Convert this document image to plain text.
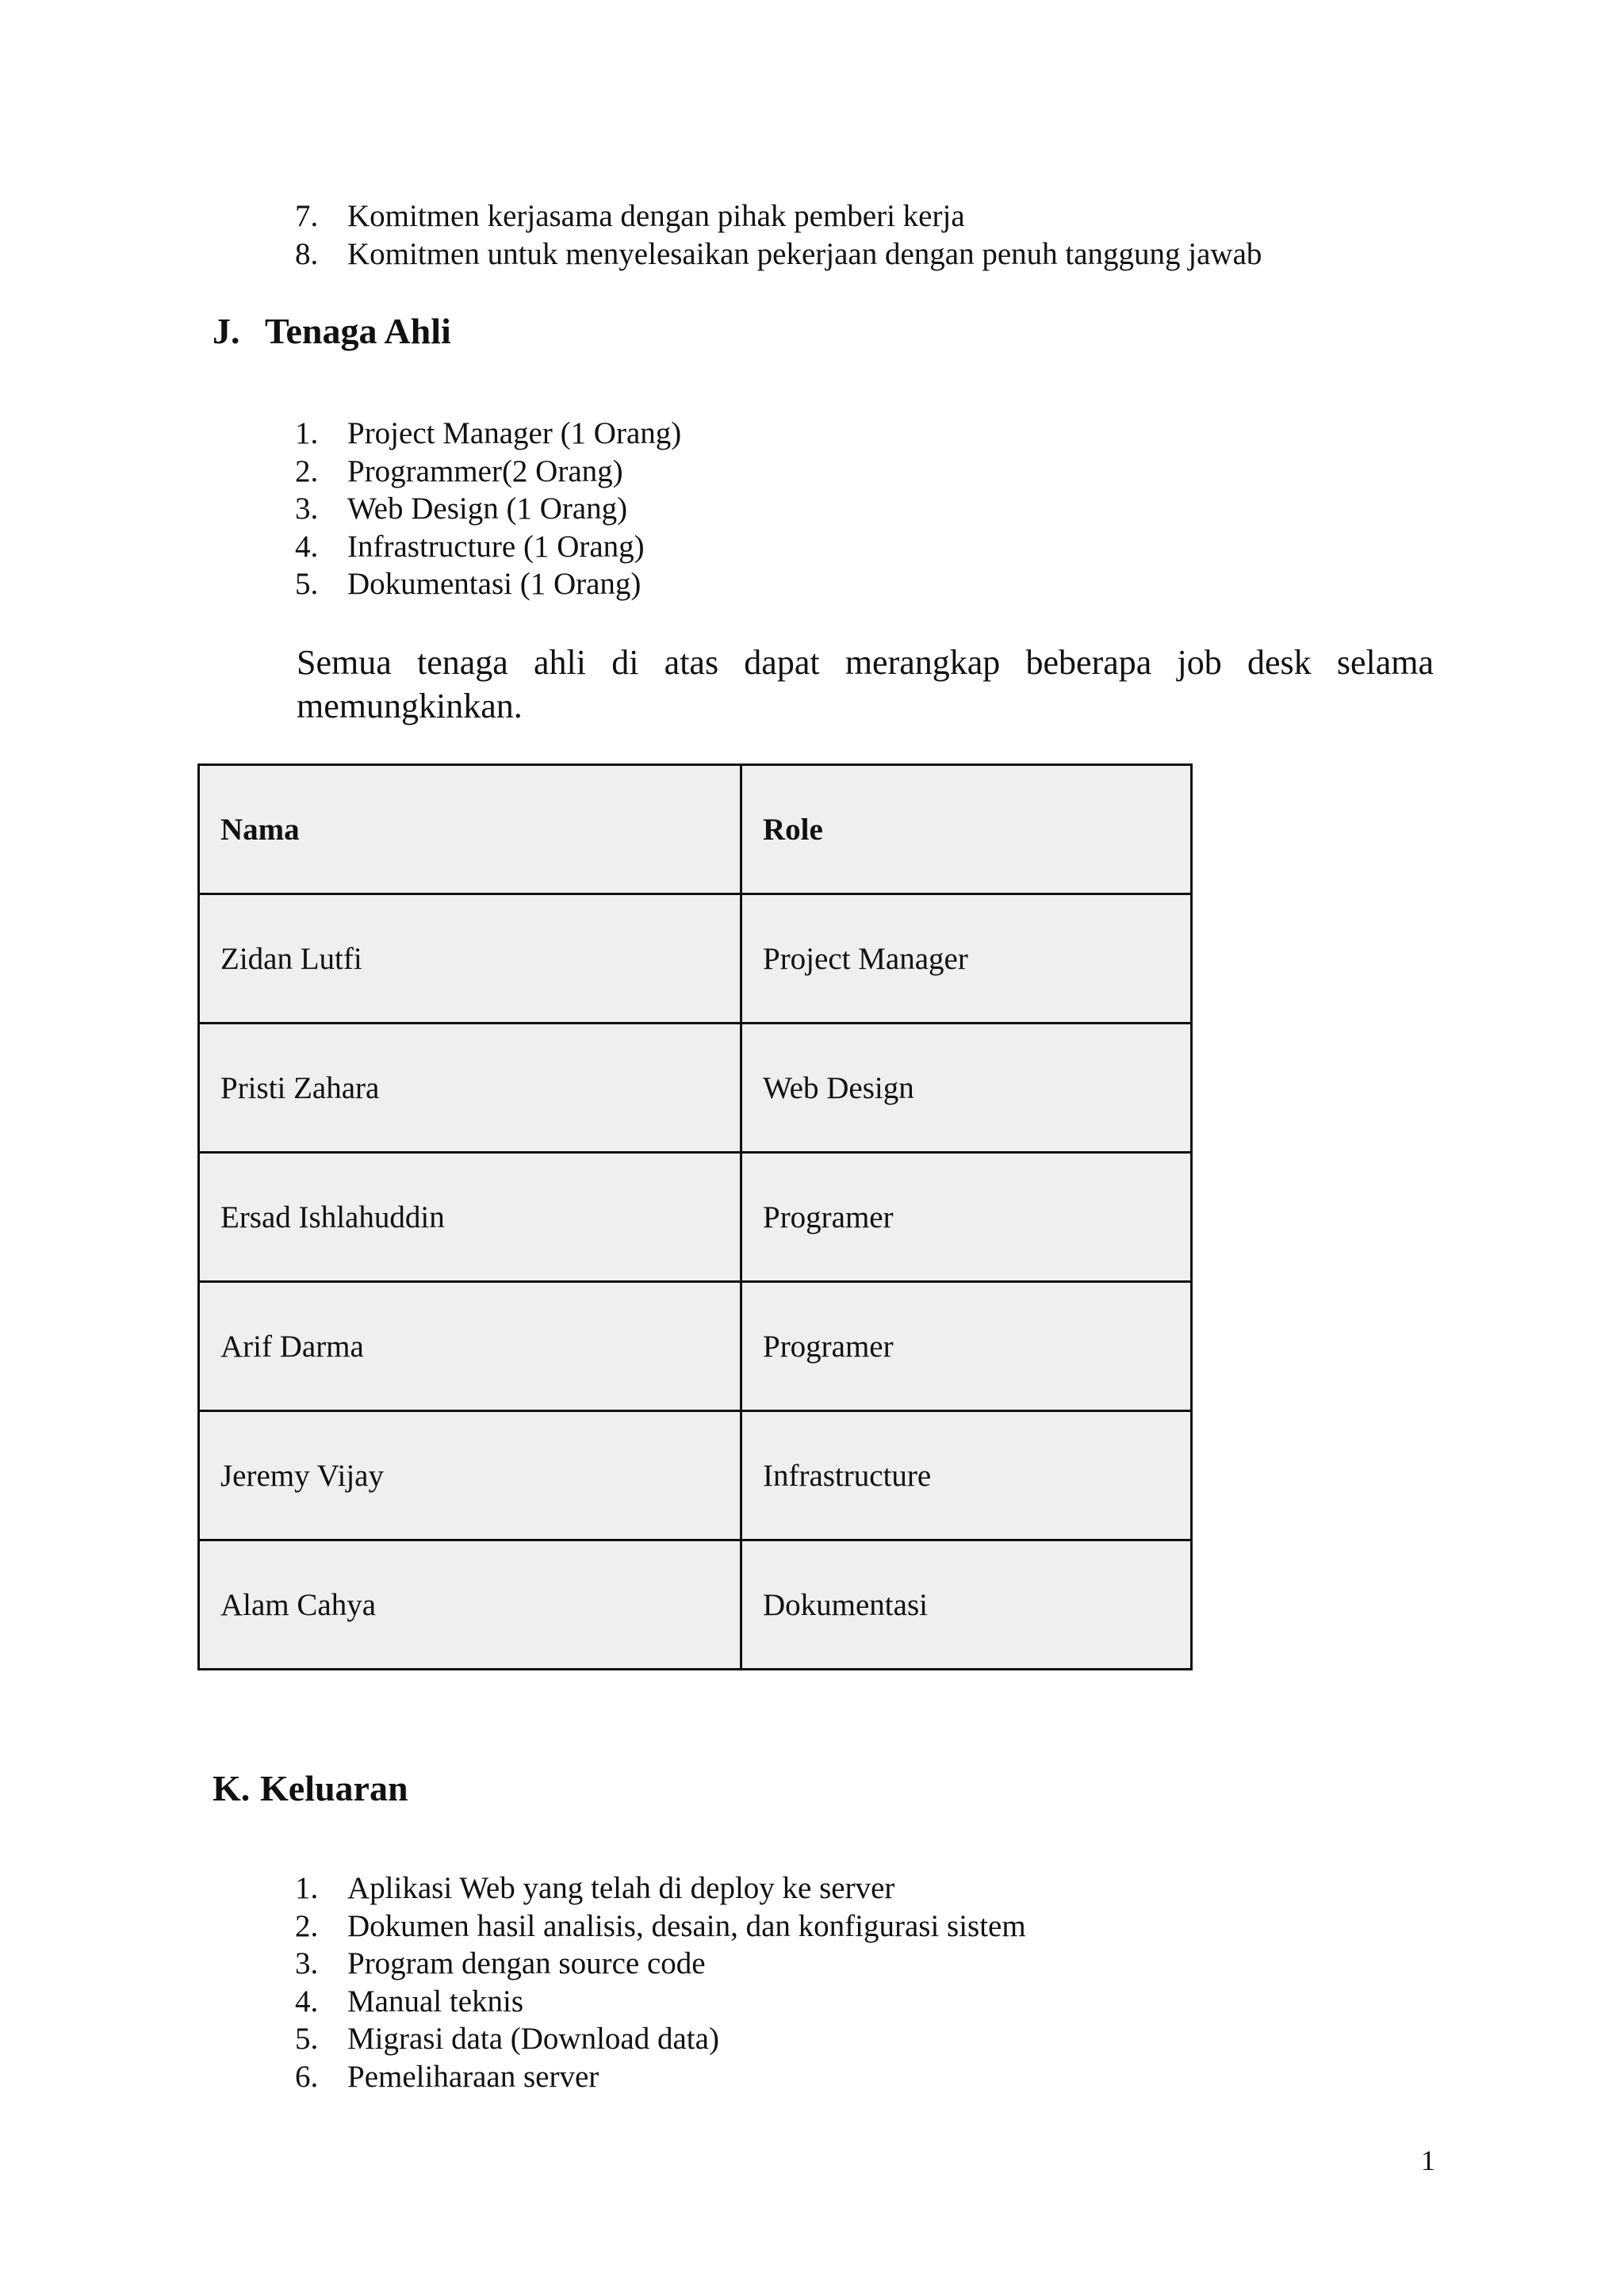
7. Komitmen kerjasama dengan pihak pemberi kerja
8. Komitmen untuk menyelesaikan pekerjaan dengan penuh tanggung jawab
J. Tenaga Ahli
1. Project Manager (1 Orang)
2. Programmer(2 Orang)
3. Web Design (1 Orang)
4. Infrastructure (1 Orang)
5. Dokumentasi (1 Orang)

Semua tenaga ahli di atas dapat merangkap beberapa job desk selama memungkinkan.

Nama	Role
Zidan Lutfi	Project Manager
Pristi Zahara	Web Design
Ersad Ishlahuddin	Programer
Arif Darma	Programer
Jeremy Vijay	Infrastructure
Alam Cahya	Dokumentasi
K. Keluaran
1. Aplikasi Web yang telah di deploy ke server
2. Dokumen hasil analisis, desain, dan konfigurasi sistem
3. Program dengan source code
4. Manual teknis
5. Migrasi data (Download data)
6. Pemeliharaan server
1
